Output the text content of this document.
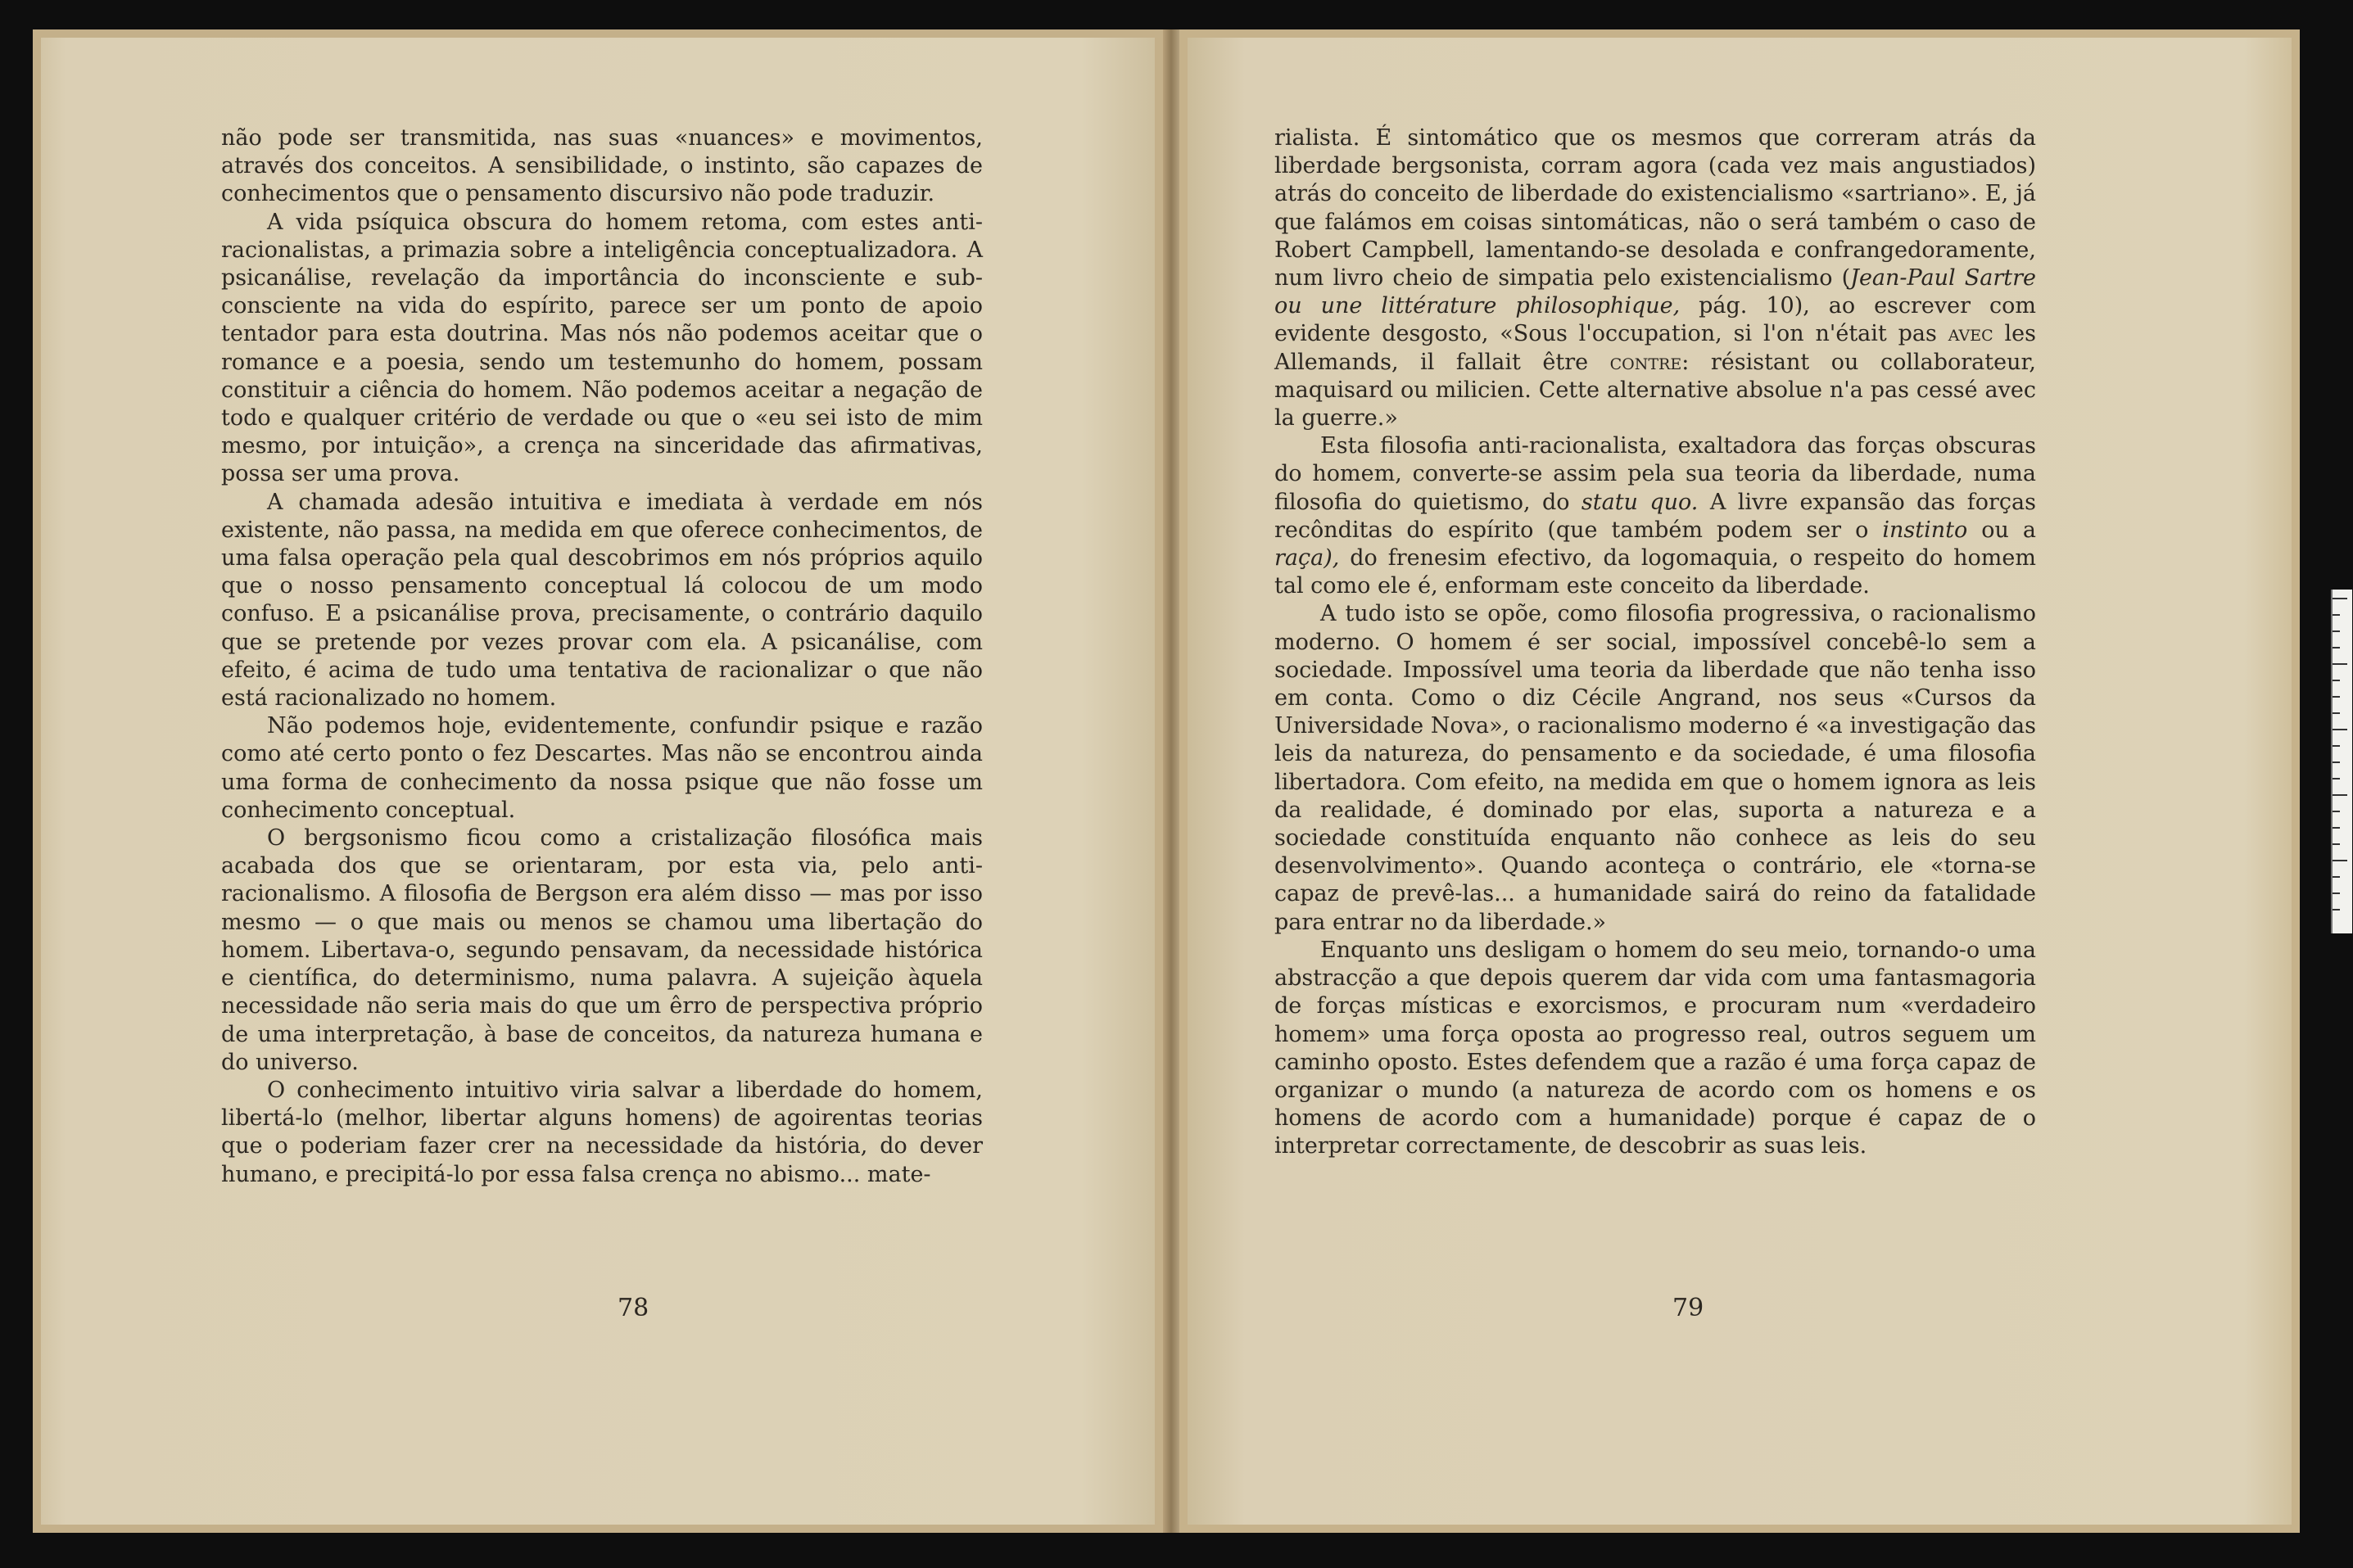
não pode ser transmitida, nas suas «nuances» e movimentos, através dos conceitos. A sensibilidade, o instinto, são capazes de conhecimentos que o pensamento discursivo não pode traduzir.

A vida psíquica obscura do homem retoma, com estes anti-racionalistas, a primazia sobre a inteligência conceptualizadora. A psicanálise, revelação da importância do inconsciente e sub-consciente na vida do espírito, parece ser um ponto de apoio tentador para esta doutrina. Mas nós não podemos aceitar que o romance e a poesia, sendo um testemunho do homem, possam constituir a ciência do homem. Não podemos aceitar a negação de todo e qualquer critério de verdade ou que o «eu sei isto de mim mesmo, por intuição», a crença na sinceridade das afirmativas, possa ser uma prova.

A chamada adesão intuitiva e imediata à verdade em nós existente, não passa, na medida em que oferece conhecimentos, de uma falsa operação pela qual descobrimos em nós próprios aquilo que o nosso pensamento conceptual lá colocou de um modo confuso. E a psicanálise prova, precisamente, o contrário daquilo que se pretende por vezes provar com ela. A psicanálise, com efeito, é acima de tudo uma tentativa de racionalizar o que não está racionalizado no homem.

Não podemos hoje, evidentemente, confundir psique e razão como até certo ponto o fez Descartes. Mas não se encontrou ainda uma forma de conhecimento da nossa psique que não fosse um conhecimento conceptual.

O bergsonismo ficou como a cristalização filosófica mais acabada dos que se orientaram, por esta via, pelo anti-racionalismo. A filosofia de Bergson era além disso — mas por isso mesmo — o que mais ou menos se chamou uma libertação do homem. Libertava-o, segundo pensavam, da necessidade histórica e científica, do determinismo, numa palavra. A sujeição àquela necessidade não seria mais do que um êrro de perspectiva próprio de uma interpretação, à base de conceitos, da natureza humana e do universo.

O conhecimento intuitivo viria salvar a liberdade do homem, libertá-lo (melhor, libertar alguns homens) de agoirentas teorias que o poderiam fazer crer na necessidade da história, do dever humano, e precipitá-lo por essa falsa crença no abismo... mate-

78

rialista. É sintomático que os mesmos que correram atrás da liberdade bergsonista, corram agora (cada vez mais angustiados) atrás do conceito de liberdade do existencialismo «sartriano». E, já que falámos em coisas sintomáticas, não o será também o caso de Robert Campbell, lamentando-se desolada e confrangedoramente, num livro cheio de simpatia pelo existencialismo (Jean-Paul Sartre ou une littérature philosophique, pág. 10), ao escrever com evidente desgosto, «Sous l'occupation, si l'on n'était pas avec les Allemands, il fallait être contre: résistant ou collaborateur, maquisard ou milicien. Cette alternative absolue n'a pas cessé avec la guerre.»

Esta filosofia anti-racionalista, exaltadora das forças obscuras do homem, converte-se assim pela sua teoria da liberdade, numa filosofia do quietismo, do statu quo. A livre expansão das forças recônditas do espírito (que também podem ser o instinto ou a raça), do frenesim efectivo, da logomaquia, o respeito do homem tal como ele é, enformam este conceito da liberdade.

A tudo isto se opõe, como filosofia progressiva, o racionalismo moderno. O homem é ser social, impossível concebê-lo sem a sociedade. Impossível uma teoria da liberdade que não tenha isso em conta. Como o diz Cécile Angrand, nos seus «Cursos da Universidade Nova», o racionalismo moderno é «a investigação das leis da natureza, do pensamento e da sociedade, é uma filosofia libertadora. Com efeito, na medida em que o homem ignora as leis da realidade, é dominado por elas, suporta a natureza e a sociedade constituída enquanto não conhece as leis do seu desenvolvimento». Quando aconteça o contrário, ele «torna-se capaz de prevê-las... a humanidade sairá do reino da fatalidade para entrar no da liberdade.»

Enquanto uns desligam o homem do seu meio, tornando-o uma abstracção a que depois querem dar vida com uma fantasmagoria de forças místicas e exorcismos, e procuram num «verdadeiro homem» uma força oposta ao progresso real, outros seguem um caminho oposto. Estes defendem que a razão é uma força capaz de organizar o mundo (a natureza de acordo com os homens e os homens de acordo com a humanidade) porque é capaz de o interpretar correctamente, de descobrir as suas leis.

79
